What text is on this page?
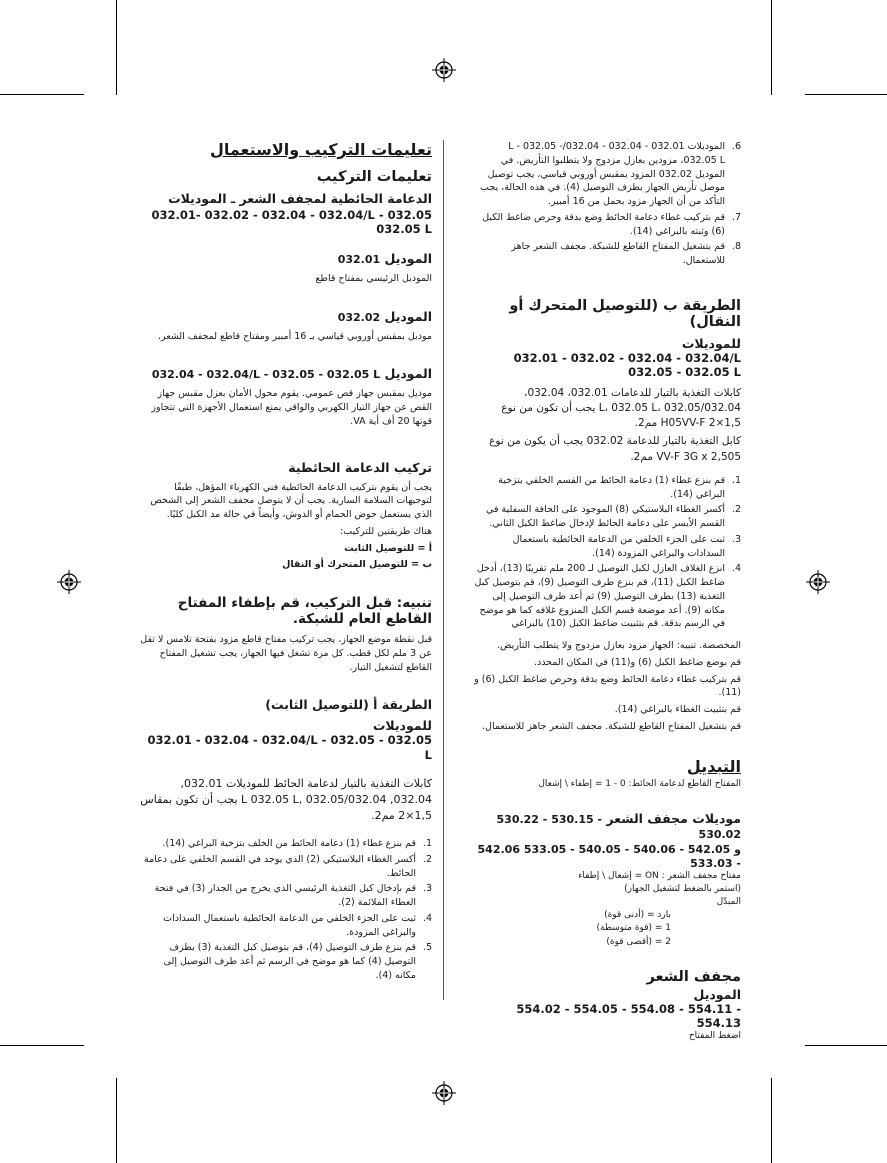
تعليمات التركيب والاستعمال
تعليمات التركيب
الدعامة الحائطية لمجفف الشعر ـ الموديلات
032.01- 032.02 - 032.04 - 032.04/L - 032.05 032.05 L
الموديل 032.01
الموديل الرئيسي بمفتاح قاطع
الموديل 032.02
موديل بمقبس أوروبي قياسي بـ 16 أمبير ومفتاح قاطع لمجفف الشعر.
الموديل 032.04 - 032.04/L - 032.05 - 032.05 L
موديل بمقبس جهاز قص عمومي. يقوم محول الأمان بعزل مقبس جهاز القص عن جهاز التيار الكهربي والواقي يمنع استعمال الأجهزة التي تتجاوز قوتها 20 أف أية VA.
تركيب الدعامة الحائطية
يجب أن يقوم بتركيب الدعامة الحائطية فني الكهرباء المؤهل، طبقًا لتوجيهات السلامة السارية. يجب أن لا يتوصل مجفف الشعر إلى الشخص الذي يستعمل حوض الحمام أو الدوش، وأيضاً في حالة مد الكبل كليًا.
هناك طريقتين للتركيب:
أ = للتوصيل الثابت
ب = للتوصيل المتحرك أو النقال
تنبيه: قبل التركيب، قم بإطفاء المفتاح القاطع العام للشبكة.
قبل نقطة موضع الجهاز، يجب تركيب مفتاح قاطع مزود بفتحة تلامس لا تقل عن 3 ملم لكل قطب. كل مرة تشغل فيها الجهاز، يجب تشغيل المفتاح القاطع لتشغيل التيار.
الطريقة أ (للتوصيل الثابت)
للموديلات
032.01 - 032.04 - 032.04/L - 032.05 - 032.05 L
كابلات التغذية بالتيار لدعامة الحائط للموديلات 032.01, 032.04, 032.04/L 032.05 L, 032.05 يجب أن تكون بمقاس 1,5×2 مم2.
1.
قم بنزع غطاء (1) دعامة الحائط من الخلف بتزخية البراغي (14).
2.
أكسر الغطاء البلاستيكي (2) الذي يوجد في القسم الخلفي على دعامة الحائط.
3.
قم بإدخال كبل التغذية الرئيسي الذي يخرج من الجدار (3) في فتحة الغطاء الملائمة (2).
4.
ثبت على الجزء الخلفي من الدعامة الحائطية باستعمال السدادات والبراغي المزودة.
5.
قم بنزع طرف التوصيل (4)، قم بتوصيل كبل التغذية (3) بطرف التوصيل (4) كما هو موضح في الرسم ثم أعد طرف التوصيل إلى مكانه (4).
6.
الموديلات 032.01 - 032.04 - 032.04/L - 032.05 - 032.05 L، مزودين بعازل مزدوج ولا يتطلبوا التأريض. في الموديل 032.02 المزود بمقبس أوروبي قياسي، يجب توصيل موصل تأريض الجهاز بطرف التوصيل (4). في هذه الحالة، يجب التأكد من أن الجهاز مزود بحمل من 16 أمبير.
7.
قم بتركيب غطاء دعامة الحائط وضع بدقة وحرص ضاغط الكبل (6) وثبته بالبراغي (14).
8.
قم بتشغيل المفتاح القاطع للشبكة. مجفف الشعر جاهز للاستعمال.
الطريقة ب (للتوصيل المتحرك أو النقال)
للموديلات
032.01 - 032.02 - 032.04 - 032.04/L 032.05 - 032.05 L
كابلات التغذية بالتيار للدعامات 032.01، 032.04، 032.04/L، 032.05 L، 032.05 يجب أن تكون من نوع H05VV-F 2×1,5 مم2.
كابل التغذية بالتيار للدعامة 032.02 يجب أن يكون من نوع VV-F 3G x 2,505 مم2.
1.
قم بنزع غطاء (1) دعامة الحائط من القسم الخلفي بتزخية البراغي (14).
2.
أكسر الغطاء البلاستيكي (8) الموجود على الحافة السفلية في القسم الأيسر على دعامة الحائط لإدخال ضاغط الكبل الثاني.
3.
ثبت على الجزء الخلفي من الدعامة الحائطية باستعمال السدادات والبراغي المزودة (14).
4.
انزع الغلاف العازل لكبل التوصيل لـ 200 ملم تقريبًا (13)، أدخل ضاغط الكبل (11)، قم بنزع طرف التوصيل (9)، قم بتوصيل كبل التغذية (13) بطرف التوصيل (9) ثم أعد طرف التوصيل إلى مكانه (9). أعد موضعة قسم الكبل المنزوع غلافه كما هو موضح في الرسم بدقة. قم بتثبيت ضاغط الكبل (10) بالبراغي
المخصصة. تنبيه: الجهاز مزود بعازل مزدوج ولا يتطلب التأريض.
قم بوضع ضاغط الكبل (6) و(11) في المكان المحدد.
قم بتركيب غطاء دعامة الحائط وضع بدقة وحرص ضاغط الكبل (6) و (11).
قم بتثبيت الغطاء بالبراغي (14).
قم بتشغيل المفتاح القاطع للشبكة. مجفف الشعر جاهز للاستعمال.
التبديل
المفتاح القاطع لدعامة الحائط: 0 - 1 = إطفاء \ إشعال
موديلات مجفف الشعر 530.22 - 530.15 - 530.02
542.06 و 542.05 - 540.06 - 540.05 - 533.05 - 533.03
مفتاح مجفف الشعر : ON = إشعال \ إطفاء
(استمر بالضغط لتشغيل الجهاز)
المبدّل
بارد = (أدنى قوة)
1 = (قوة متوسطة)
2 = (أقصى قوة)
مجفف الشعر
الموديل
554.02 - 554.05 - 554.08 - 554.11 - 554.13
اضغط المفتاح
